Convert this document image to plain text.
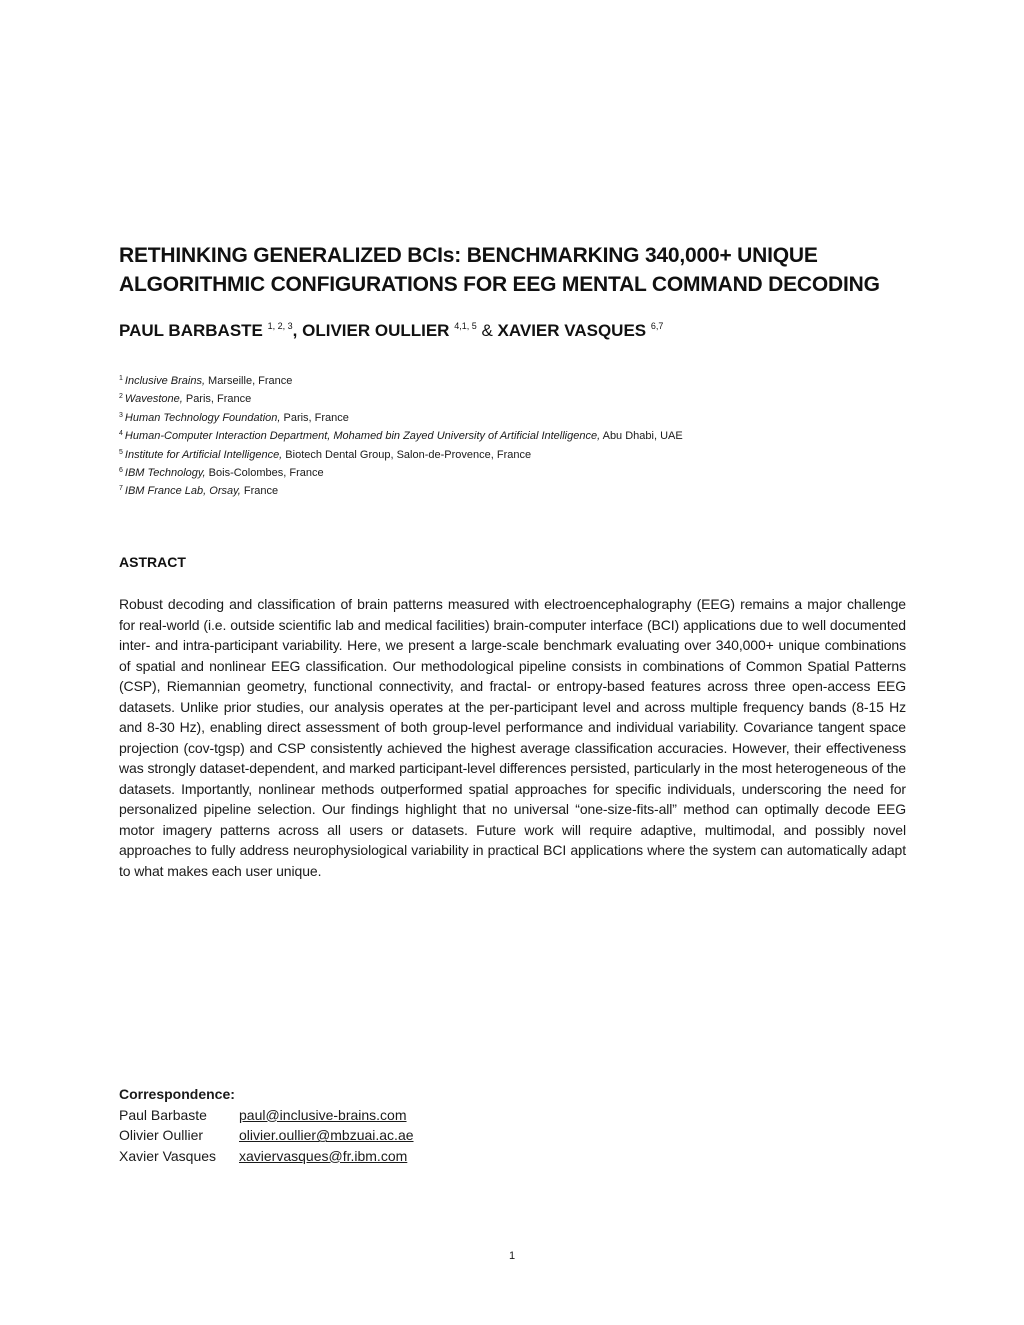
RETHINKING GENERALIZED BCIs: BENCHMARKING 340,000+ UNIQUE
ALGORITHMIC CONFIGURATIONS FOR EEG MENTAL COMMAND DECODING
PAUL BARBASTE $^{1, 2, 3}$, OLIVIER OULLIER $^{4,1, 5}$ & XAVIER VASQUES $^{6,7}$
$^1$ Inclusive Brains, Marseille, France
$^2$ Wavestone, Paris, France
$^3$ Human Technology Foundation, Paris, France
$^4$ Human-Computer Interaction Department, Mohamed bin Zayed University of Artificial Intelligence, Abu Dhabi, UAE
$^5$ Institute for Artificial Intelligence, Biotech Dental Group, Salon-de-Provence, France
$^6$ IBM Technology, Bois-Colombes, France
$^7$ IBM France Lab, Orsay, France
ASTRACT

Robust decoding and classification of brain patterns measured with electroencephalography (EEG) remains a major challenge for real-world (i.e. outside scientific lab and medical facilities) brain-computer interface (BCI) applications due to well documented inter- and intra-participant variability. Here, we present a large-scale benchmark evaluating over 340,000+ unique combinations of spatial and nonlinear EEG classification. Our methodological pipeline consists in combinations of Common Spatial Patterns (CSP), Riemannian geometry, functional connectivity, and fractal- or entropy-based features across three open-access EEG datasets. Unlike prior studies, our analysis operates at the per-participant level and across multiple frequency bands (8-15 Hz and 8-30 Hz), enabling direct assessment of both group-level performance and individual variability. Covariance tangent space projection (cov-tgsp) and CSP consistently achieved the highest average classification accuracies. However, their effectiveness was strongly dataset-dependent, and marked participant-level differences persisted, particularly in the most heterogeneous of the datasets. Importantly, nonlinear methods outperformed spatial approaches for specific individuals, underscoring the need for personalized pipeline selection. Our findings highlight that no universal “one-size-fits-all” method can optimally decode EEG motor imagery patterns across all users or datasets. Future work will require adaptive, multimodal, and possibly novel approaches to fully address neurophysiological variability in practical BCI applications where the system can automatically adapt to what makes each user unique.

Correspondence:
Paul Barbaste	paul@inclusive-brains.com
Olivier Oullier	olivier.oullier@mbzuai.ac.ae
Xavier Vasques	xaviervasques@fr.ibm.com
1
